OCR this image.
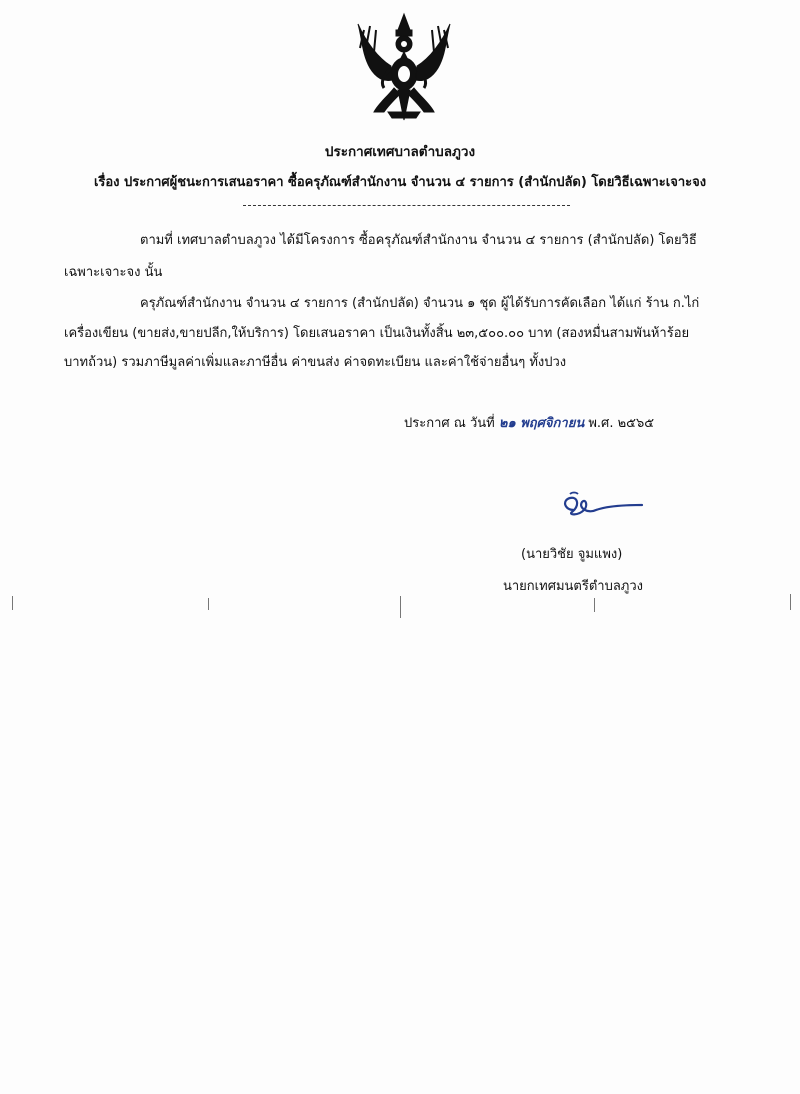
ประกาศเทศบาลตำบลภูวง
เรื่อง ประกาศผู้ชนะการเสนอราคา ซื้อครุภัณฑ์สำนักงาน จำนวน ๔ รายการ (สำนักปลัด) โดยวิธีเฉพาะเจาะจง
ตามที่ เทศบาลตำบลภูวง ได้มีโครงการ ซื้อครุภัณฑ์สำนักงาน จำนวน ๔ รายการ (สำนักปลัด) โดยวิธี
เฉพาะเจาะจง นั้น
ครุภัณฑ์สำนักงาน จำนวน ๔ รายการ (สำนักปลัด) จำนวน ๑ ชุด ผู้ได้รับการคัดเลือก ได้แก่ ร้าน ก.ไก่
เครื่องเขียน (ขายส่ง,ขายปลีก,ให้บริการ) โดยเสนอราคา เป็นเงินทั้งสิ้น ๒๓,๕๐๐.๐๐ บาท (สองหมื่นสามพันห้าร้อย
บาทถ้วน) รวมภาษีมูลค่าเพิ่มและภาษีอื่น ค่าขนส่ง ค่าจดทะเบียน และค่าใช้จ่ายอื่นๆ ทั้งปวง
ประกาศ ณ วันที่ ๒๑ พฤศจิกายน พ.ศ. ๒๕๖๕
(นายวิชัย จูมแพง)
นายกเทศมนตรีตำบลภูวง
